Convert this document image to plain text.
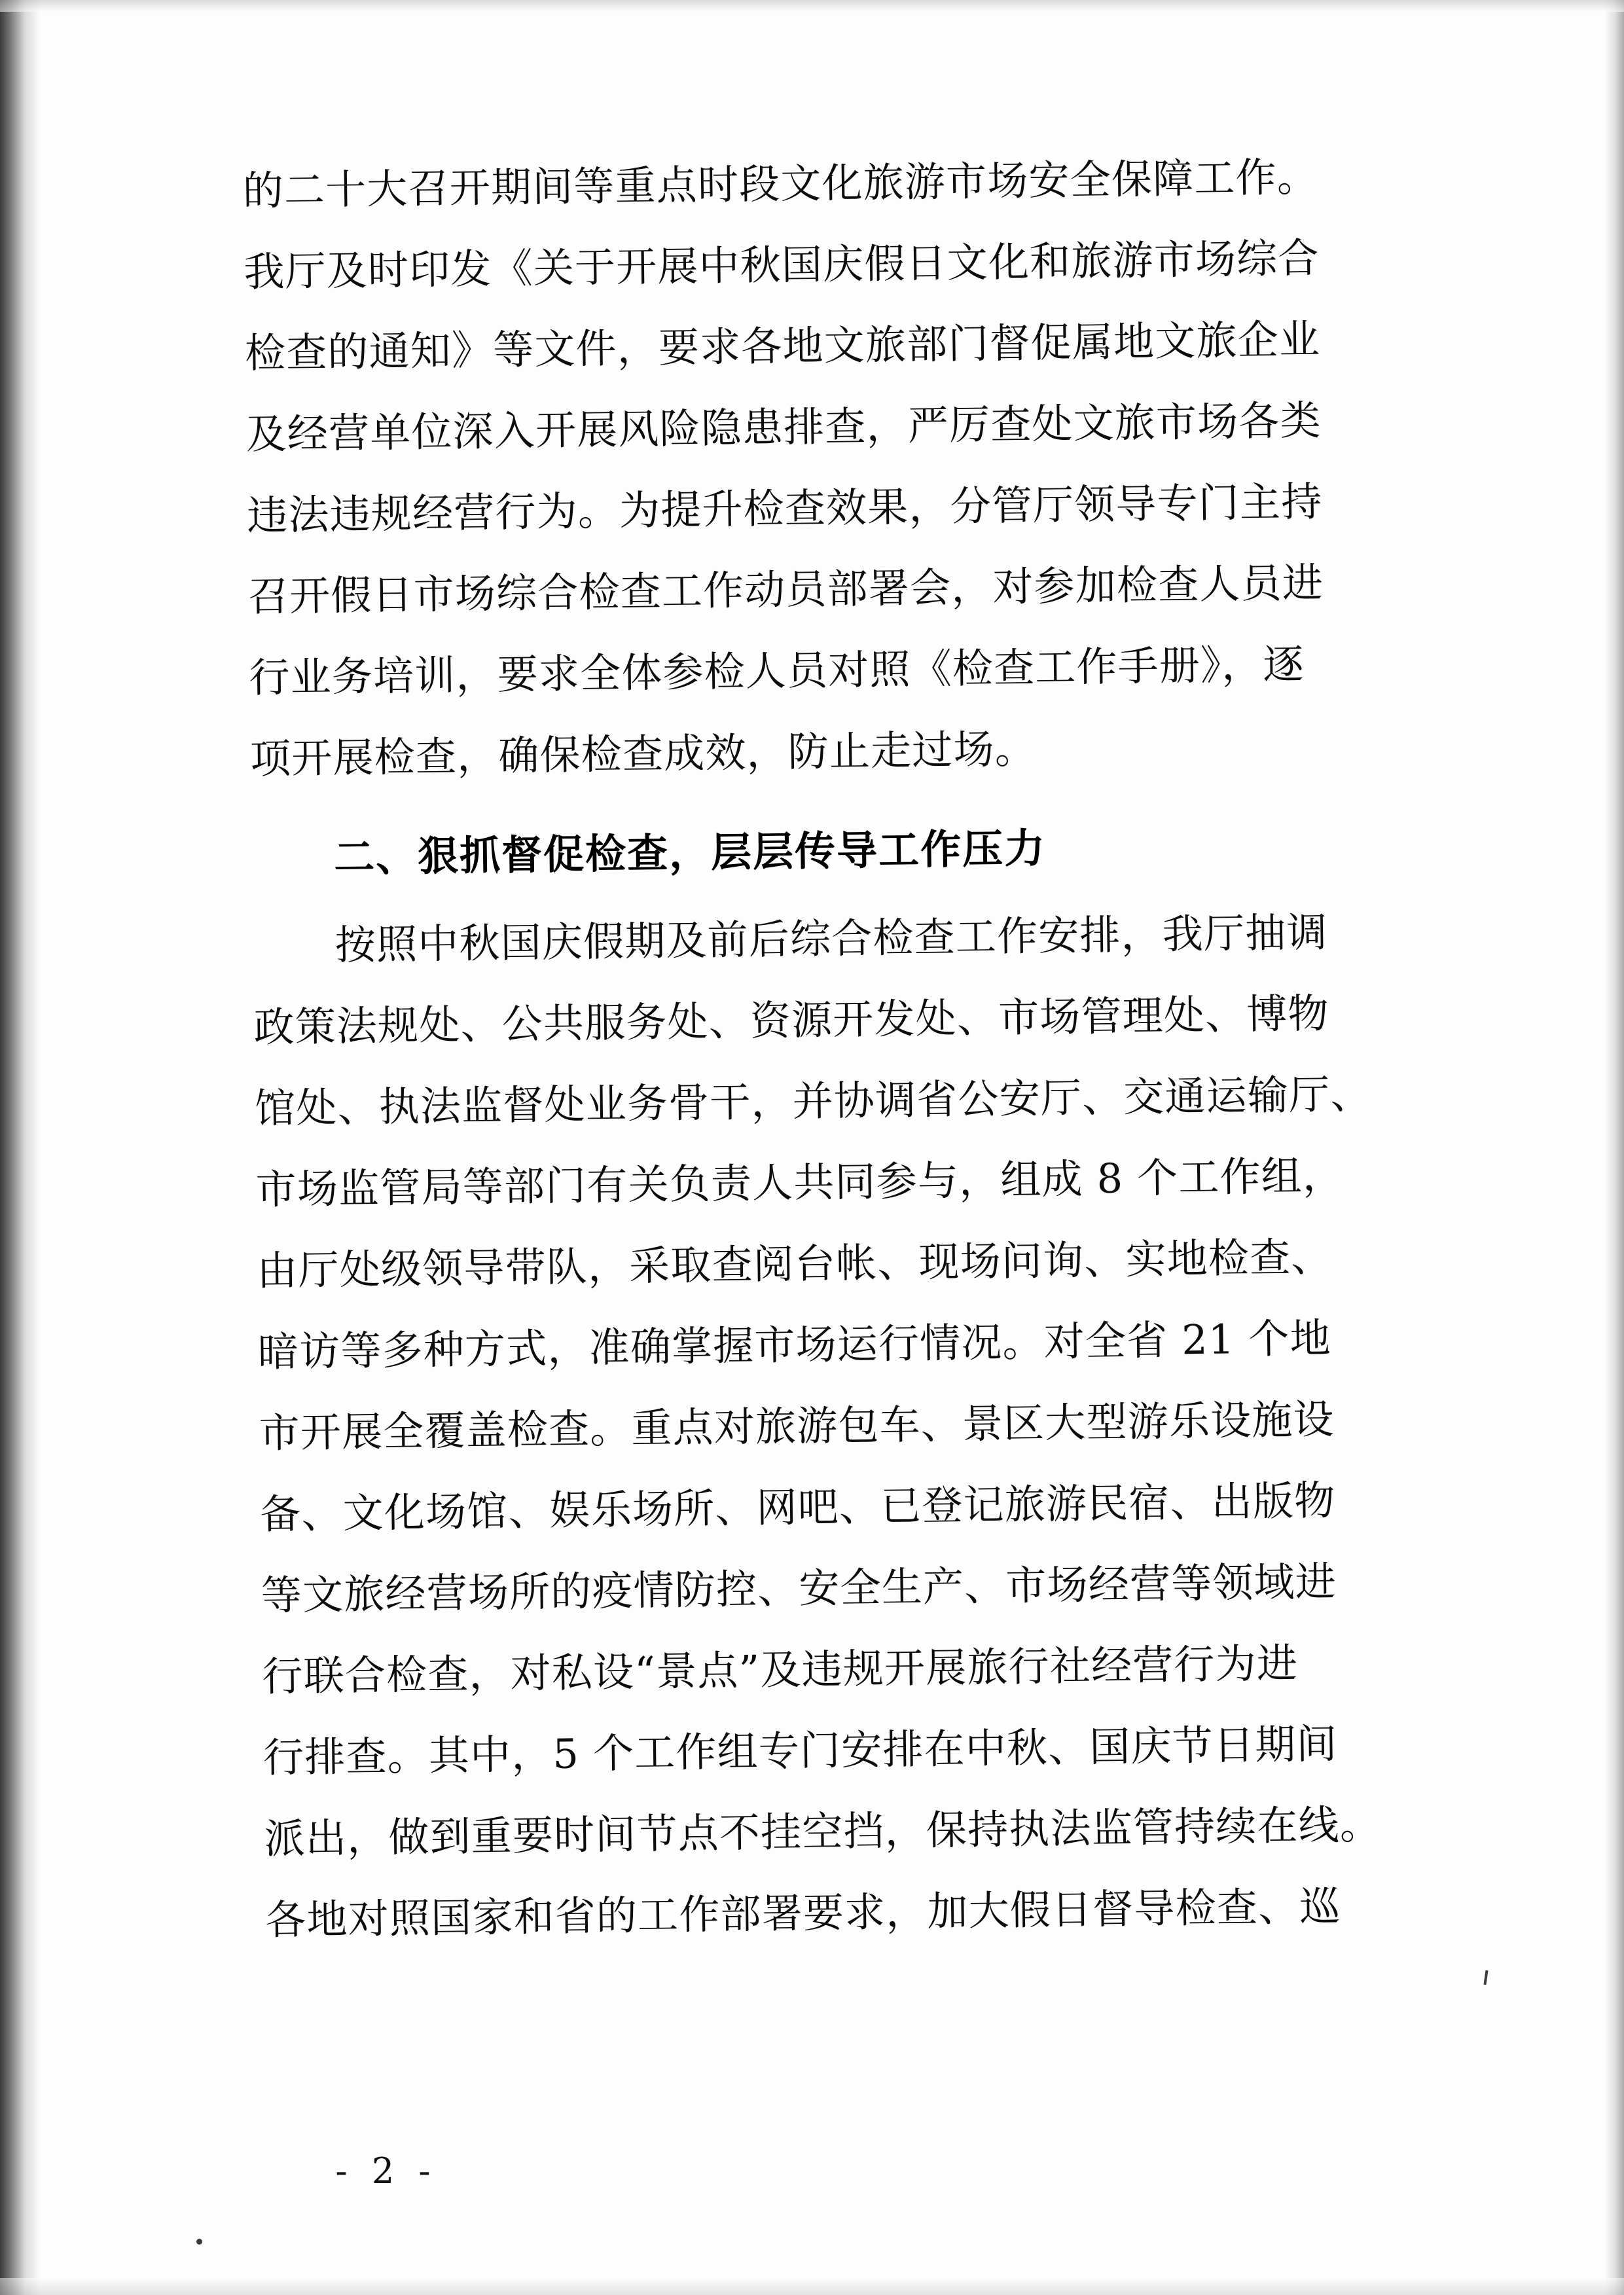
的二十大召开期间等重点时段文化旅游市场安全保障工作。
我厅及时印发《关于开展中秋国庆假日文化和旅游市场综合
检查的通知》等文件，要求各地文旅部门督促属地文旅企业
及经营单位深入开展风险隐患排查，严厉查处文旅市场各类
违法违规经营行为。为提升检查效果，分管厅领导专门主持
召开假日市场综合检查工作动员部署会，对参加检查人员进
行业务培训，要求全体参检人员对照《检查工作手册》，逐
项开展检查，确保检查成效，防止走过场。
二、狠抓督促检查，层层传导工作压力
按照中秋国庆假期及前后综合检查工作安排，我厅抽调
政策法规处、公共服务处、资源开发处、市场管理处、博物
馆处、执法监督处业务骨干，并协调省公安厅、交通运输厅、
市场监管局等部门有关负责人共同参与，组成 8 个工作组，
由厅处级领导带队，采取查阅台帐、现场问询、实地检查、
暗访等多种方式，准确掌握市场运行情况。对全省 21 个地
市开展全覆盖检查。重点对旅游包车、景区大型游乐设施设
备、文化场馆、娱乐场所、网吧、已登记旅游民宿、出版物
等文旅经营场所的疫情防控、安全生产、市场经营等领域进
行联合检查，对私设“景点”及违规开展旅行社经营行为进
行排查。其中，5 个工作组专门安排在中秋、国庆节日期间
派出，做到重要时间节点不挂空挡，保持执法监管持续在线。
各地对照国家和省的工作部署要求，加大假日督导检查、巡
- 2 -
